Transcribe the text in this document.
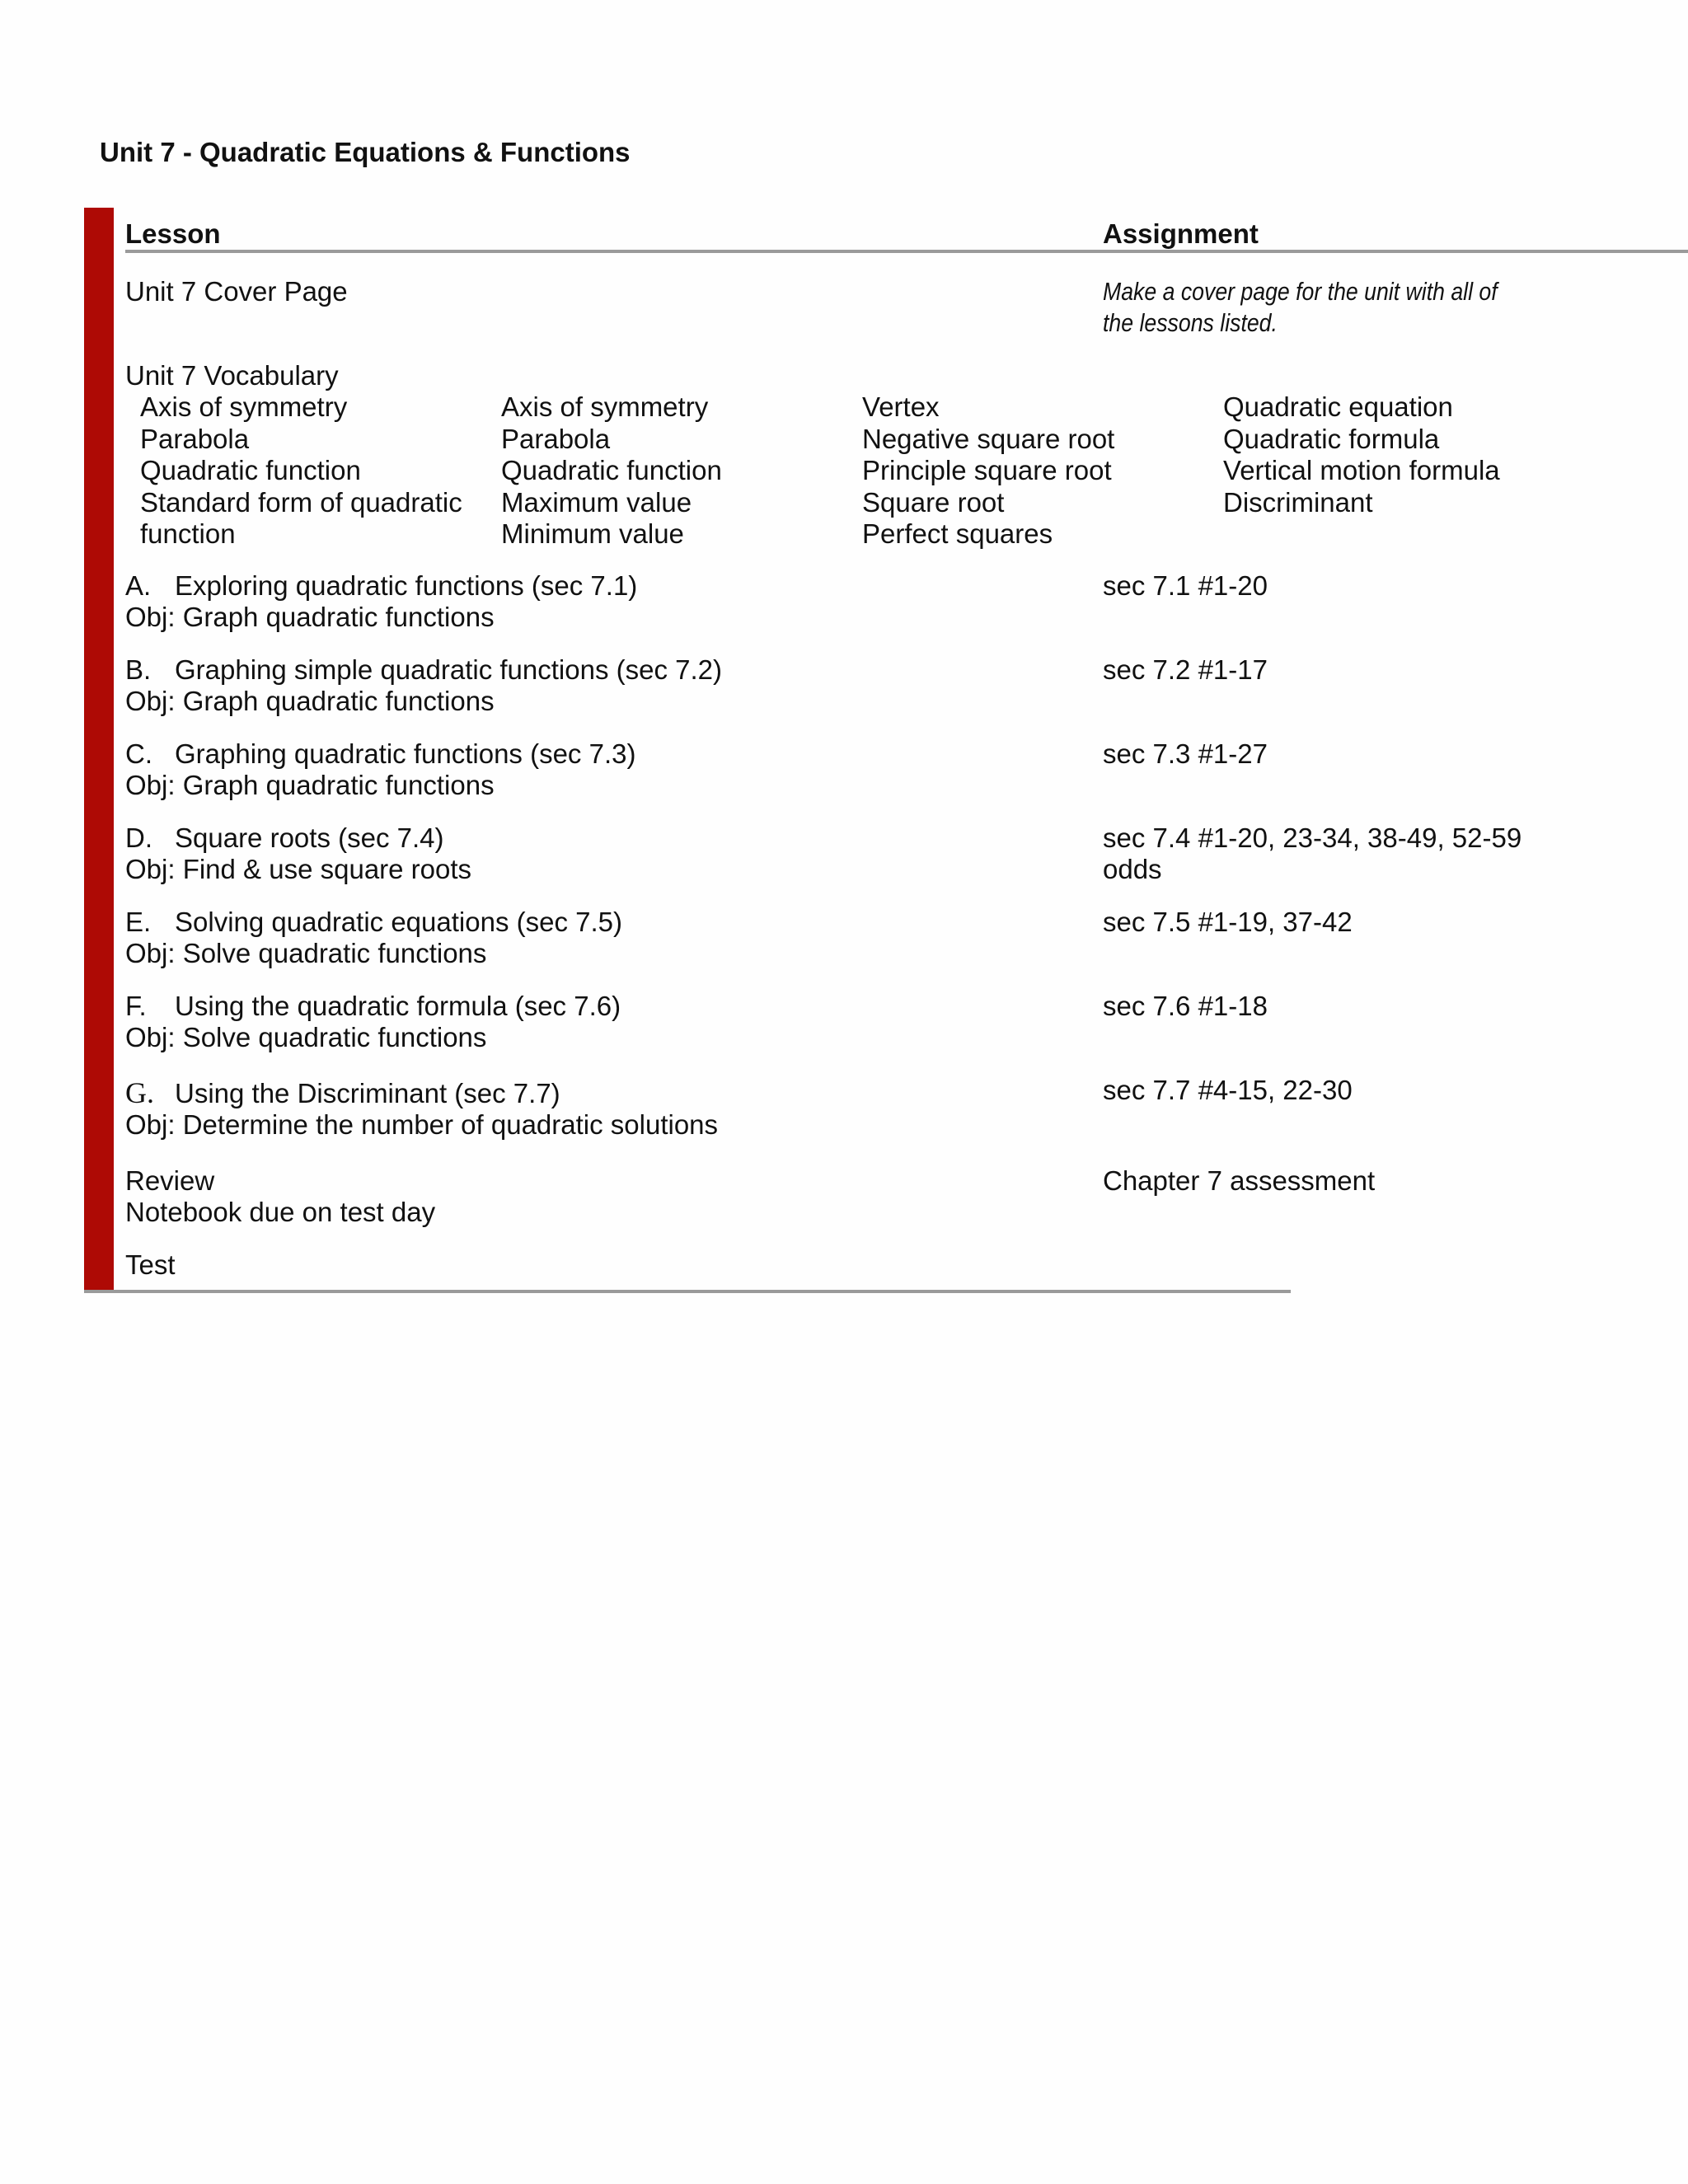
Unit 7 - Quadratic Equations & Functions
Lesson	Assignment
Unit 7 Cover Page	Make a cover page for the unit with all of the lessons listed.
Unit 7 Vocabulary
Axis of symmetry
Parabola
Quadratic function
Standard form of quadratic function
Axis of symmetry
Parabola
Quadratic function
Maximum value
Minimum value
Vertex
Negative square root
Principle square root
Square root
Perfect squares
Quadratic equation
Quadratic formula
Vertical motion formula
Discriminant
A. Exploring quadratic functions (sec 7.1)
Obj: Graph quadratic functions
sec 7.1 #1-20
B. Graphing simple quadratic functions (sec 7.2)
Obj: Graph quadratic functions
sec 7.2 #1-17
C. Graphing quadratic functions (sec 7.3)
Obj: Graph quadratic functions
sec 7.3 #1-27
D. Square roots (sec 7.4)
Obj: Find & use square roots
sec 7.4 #1-20, 23-34, 38-49, 52-59 odds
E. Solving quadratic equations (sec 7.5)
Obj: Solve quadratic functions
sec 7.5 #1-19, 37-42
F. Using the quadratic formula (sec 7.6)
Obj: Solve quadratic functions
sec 7.6 #1-18
G. Using the Discriminant (sec 7.7)
Obj: Determine the number of quadratic solutions
sec 7.7 #4-15, 22-30
Review
Notebook due on test day
Chapter 7 assessment
Test
